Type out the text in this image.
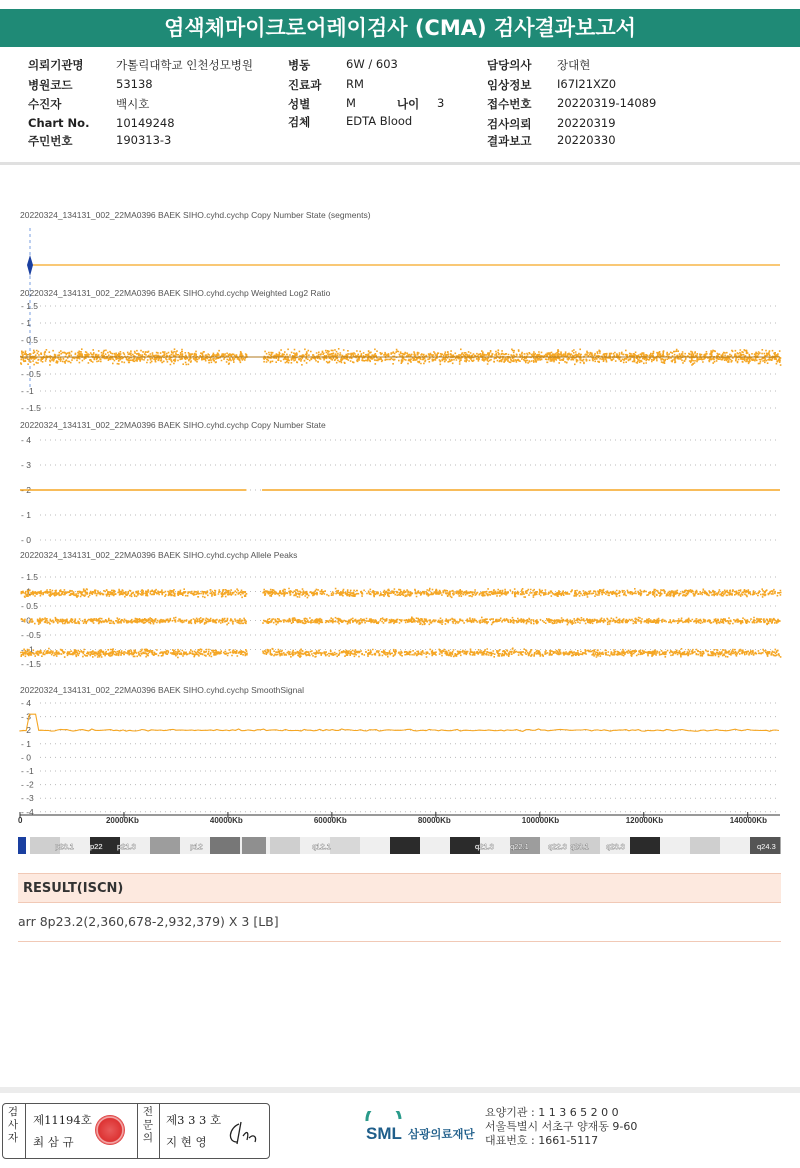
염색체마이크로어레이검사 (CMA) 검사결과보고서
의뢰기관명	가톨릭대학교 인천성모병원
병원코드	53138
수진자	백시호
Chart No. 10149248
주민번호	190313-3
병동	6W / 603
진료과 RM
성별	M	나이 3
검체	EDTA Blood
담당의사 장대현
임상정보 I67I21XZ0
접수번호 20220319-14089
검사의뢰 20220319
결과보고 20220330
20220324_134131_002_22MA0396 BAEK SIHO.cyhd.cychp Copy Number State (segments)
20220324_134131_002_22MA0396 BAEK SIHO.cyhd.cychp Weighted Log2 Ratio
- 1.5
- 1
- 0.5
- 0
- -0.5
- -1
- -1.5
20220324_134131_002_22MA0396 BAEK SIHO.cyhd.cychp Copy Number State
- 4
- 3
- 2
- 1
- 0
20220324_134131_002_22MA0396 BAEK SIHO.cyhd.cychp Allele Peaks
- 1.5
- 1
- 0.5
- 0
- -0.5
- -1
- -1.5
20220324_134131_002_22MA0396 BAEK SIHO.cyhd.cychp SmoothSignal
- 4
- 3
- 2
- 1
- 0
- -1
- -2
- -3
- -4
0	20000Kb	40000Kb	60000Kb	80000Kb	100000Kb	120000Kb	140000Kb
p23.1 p22 p21.3	p12	q12.1	q21.3 q22.1	q22.3 q23.1 q23.3	q24.3
RESULT(ISCN)
arr 8p23.2(2,360,678-2,932,379) X 3 [LB]
검사자
제11194호
최 삼 규
전문의
제3 3 3 호
지 현 영	SML 삼광의료재단
요양기관 : 1 1 3 6 5 2 0 0
서울특별시 서초구 양재동 9-60
대표번호 : 1661-5117
